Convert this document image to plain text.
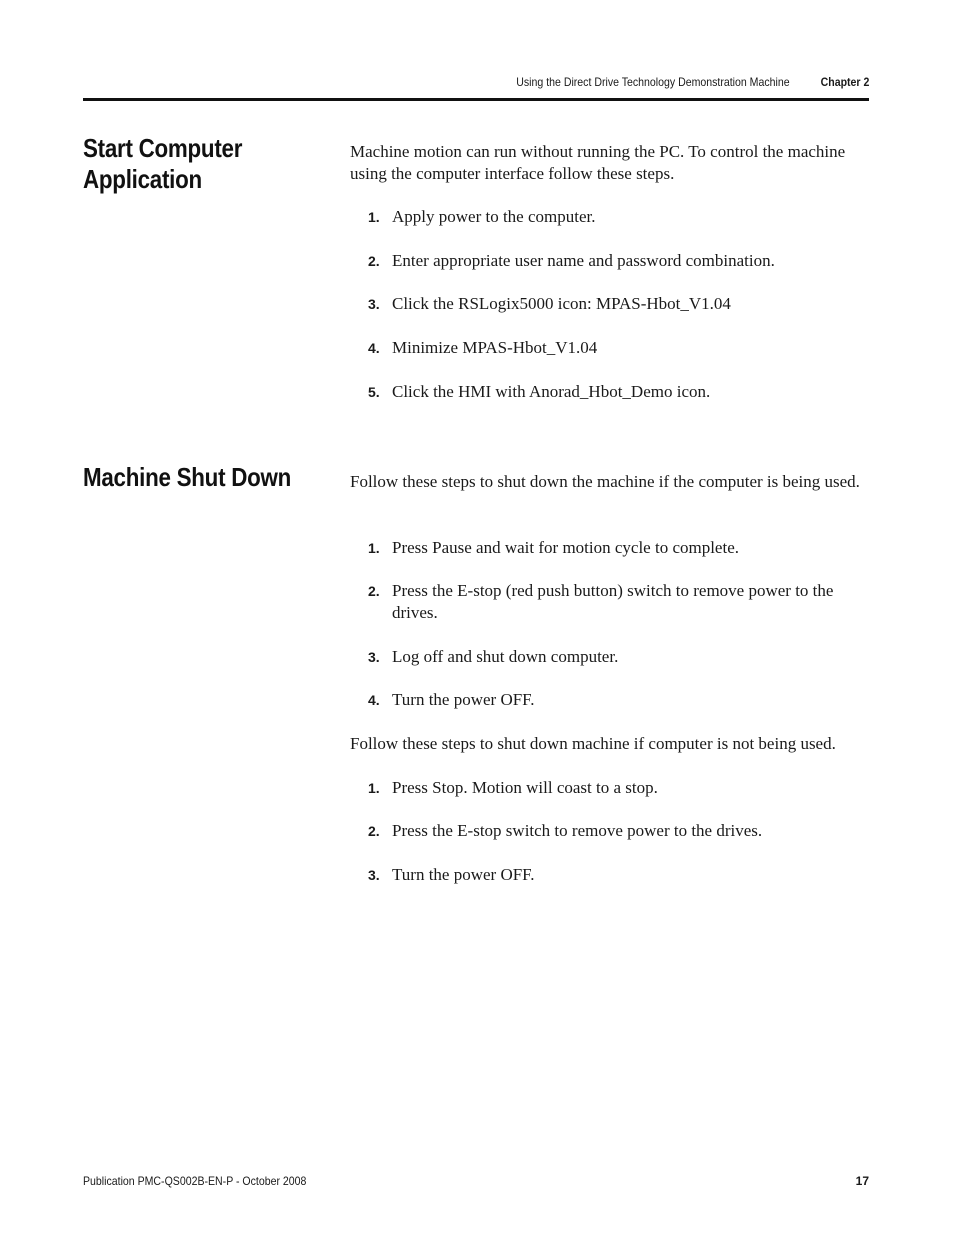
Using the Direct Drive Technology Demonstration Machine	Chapter 2
Start Computer Application

Machine motion can run without running the PC. To control the machine using the computer interface follow these steps.

1. Apply power to the computer.
2. Enter appropriate user name and password combination.
3. Click the RSLogix5000 icon: MPAS-Hbot_V1.04
4. Minimize MPAS-Hbot_V1.04
5. Click the HMI with Anorad_Hbot_Demo icon.
Machine Shut Down	Follow these steps to shut down the machine if the computer is being used.

1. Press Pause and wait for motion cycle to complete.
2. Press the E-stop (red push button) switch to remove power to the drives.
3. Log off and shut down computer.
4. Turn the power OFF.

Follow these steps to shut down machine if computer is not being used.

1. Press Stop. Motion will coast to a stop.
2. Press the E-stop switch to remove power to the drives.
3. Turn the power OFF.
Publication PMC-QS002B-EN-P - October 2008	17
